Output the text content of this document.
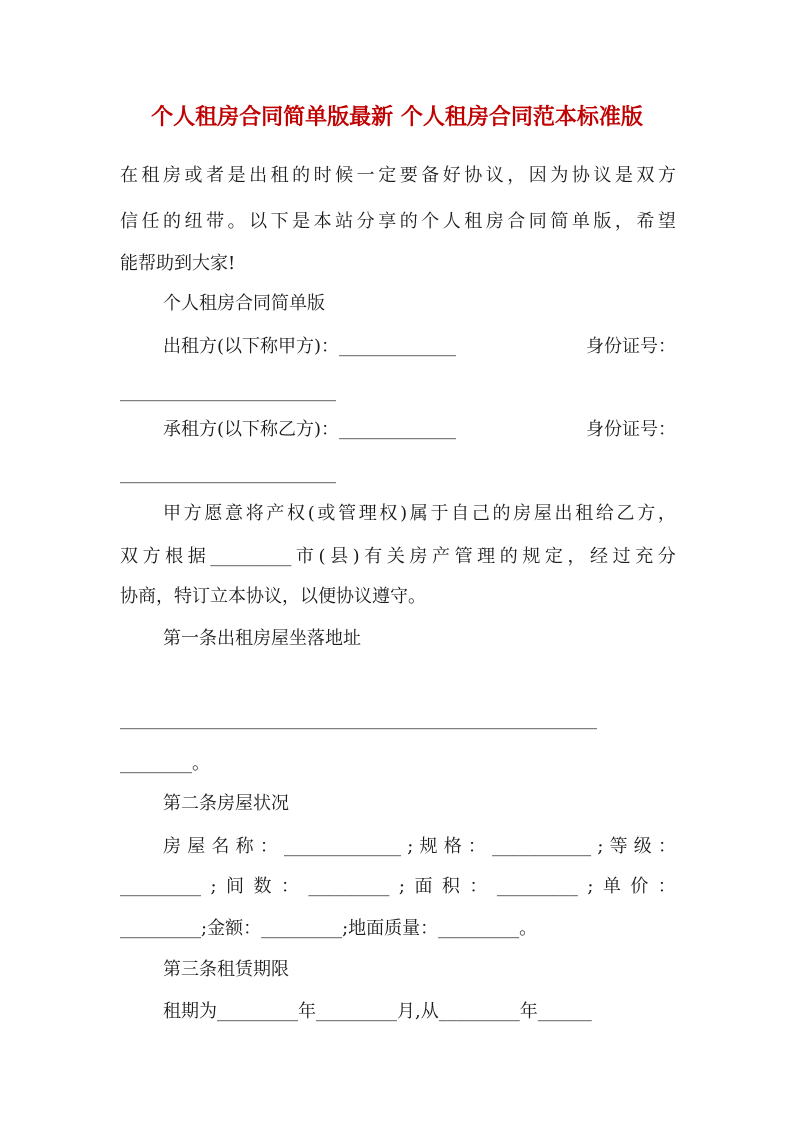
个人租房合同简单版最新 个人租房合同范本标准版
在 租 房 或 者 是 出 租 的 时 候 一 定 要 备 好 协 议 ， 因 为 协 议 是 双 方
信 任 的 纽 带 。 以 下 是 本 站 分 享 的 个 人 租 房 合 同 简 单 版 ， 希 望
能帮助到大家!
个人租房合同简单版
出租方(以下称甲方)：_____________	身份证号：
________________________
承租方(以下称乙方)：_____________	身份证号：
________________________
甲 方 愿 意 将 产 权 ( 或 管 理 权 ) 属 于 自 己 的 房 屋 出 租 给 乙 方 ，
双 方 根 据 _________ 市 ( 县 ) 有 关 房 产 管 理 的 规 定 ， 经 过 充 分
协商，特订立本协议，以便协议遵守。
第一条出租房屋坐落地址
_____________________________________________________
________。
第二条房屋状况
房 屋 名 称 ： _____________ ; 规 格 ： ___________ ; 等 级 ：
_________ ; 间 数 ： _________ ; 面 积 ： _________ ; 单 价 ：
_________;金额：_________;地面质量：_________。
第三条租赁期限
租期为_________年_________月,从_________年______
